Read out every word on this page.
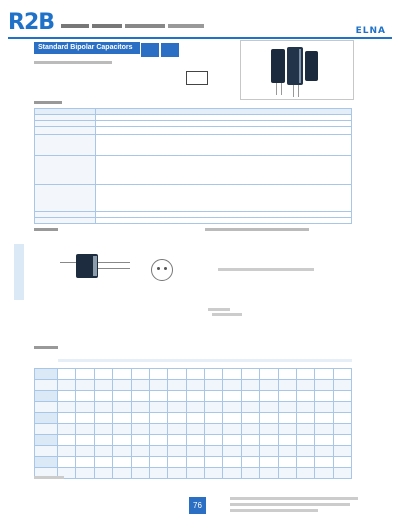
R2B	ELNA
Standard Bipolar Capacitors

76
